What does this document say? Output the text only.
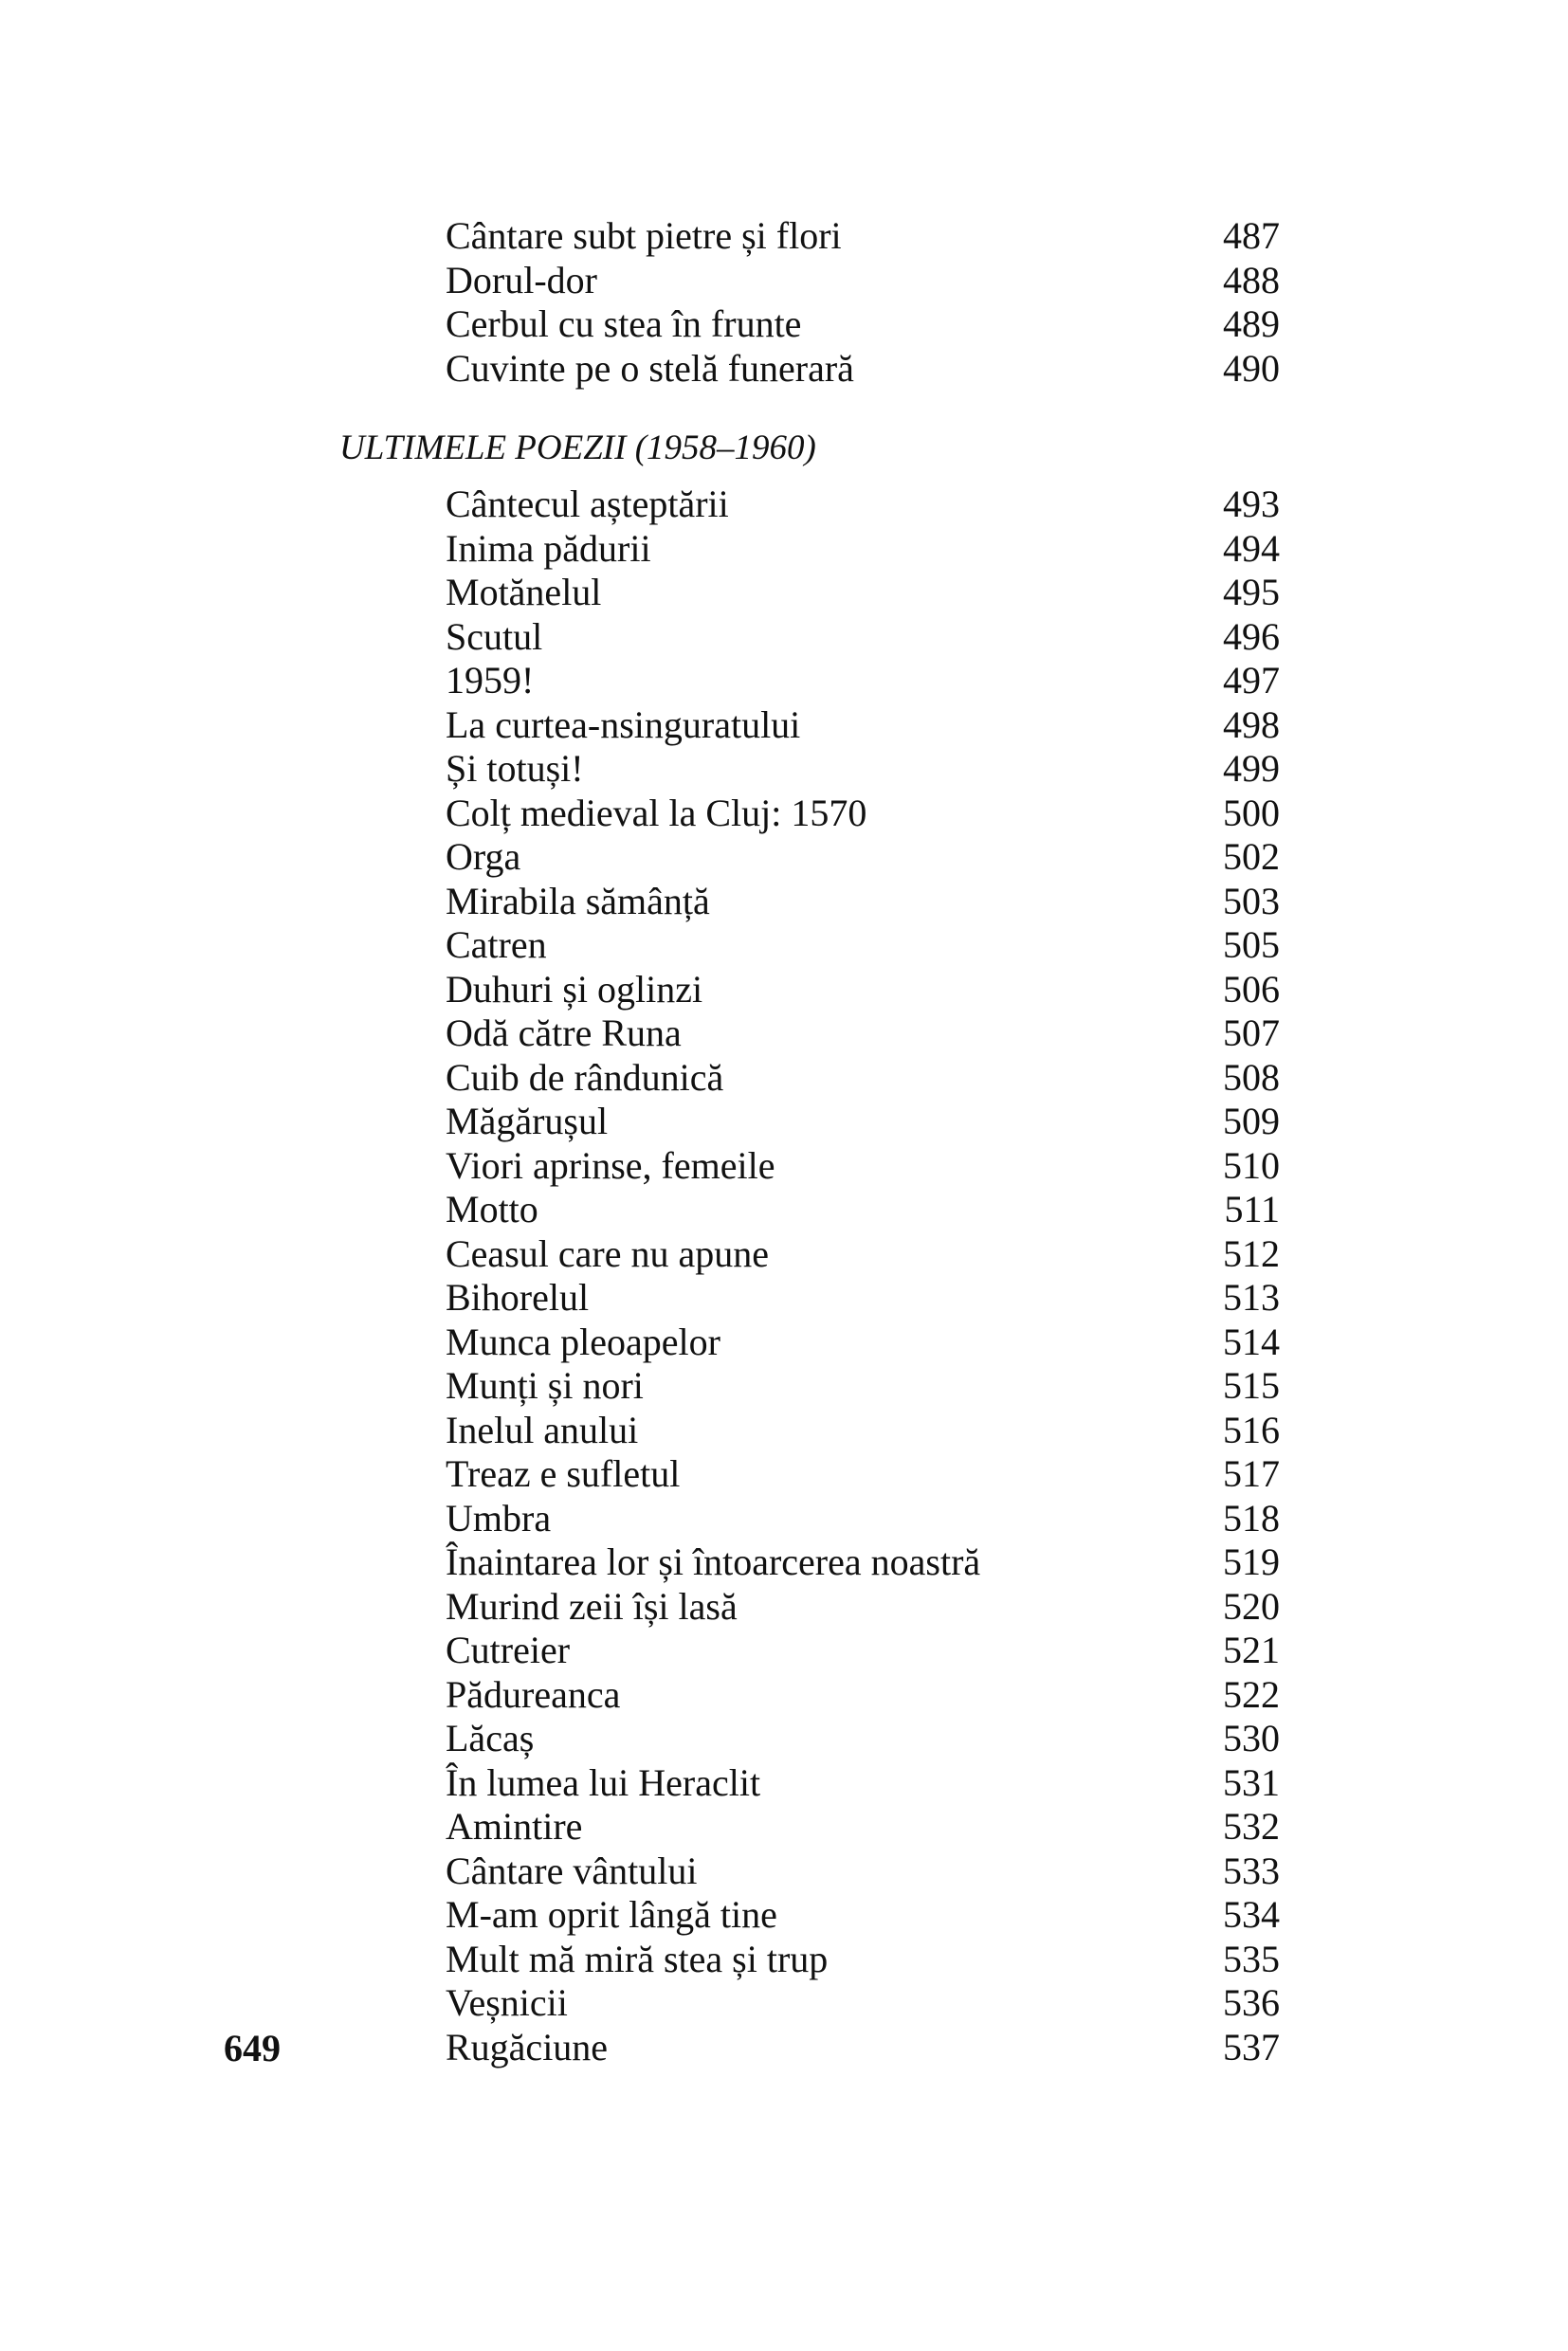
Cântare subt pietre și flori	487
Dorul-dor	488
Cerbul cu stea în frunte	489
Cuvinte pe o stelă funerară	490
ULTIMELE POEZII (1958–1960)
Cântecul așteptării	493
Inima pădurii	494
Motănelul	495
Scutul	496
1959!	497
La curtea-nsinguratului	498
Și totuși!	499
Colț medieval la Cluj: 1570	500
Orga	502
Mirabila sămânță	503
Catren	505
Duhuri și oglinzi	506
Odă către Runa	507
Cuib de rândunică	508
Măgărușul	509
Viori aprinse, femeile	510
Motto	511
Ceasul care nu apune	512
Bihorelul	513
Munca pleoapelor	514
Munți și nori	515
Inelul anului	516
Treaz e sufletul	517
Umbra	518
Înaintarea lor și întoarcerea noastră	519
Murind zeii își lasă	520
Cutreier	521
Pădureanca	522
Lăcaș	530
În lumea lui Heraclit	531
Amintire	532
Cântare vântului	533
M-am oprit lângă tine	534
Mult mă miră stea și trup	535
Veșnicii	536
Rugăciune	537
649
